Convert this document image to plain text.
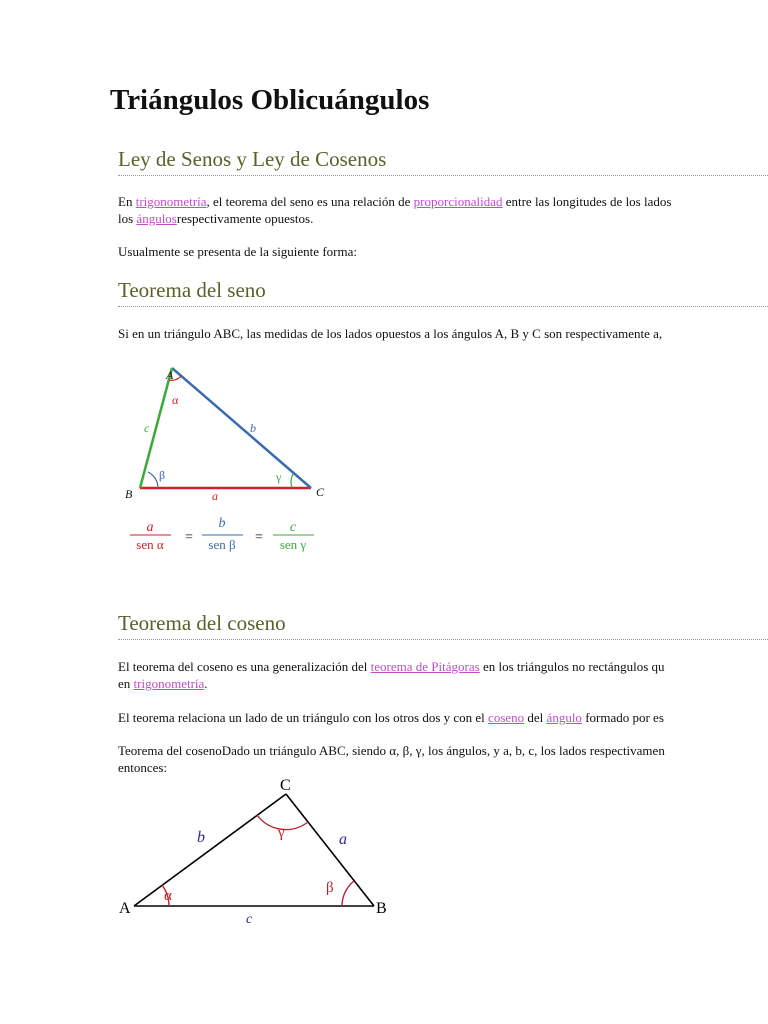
Triángulos Oblicuángulos
Ley de Senos y Ley de Cosenos

En trigonometría, el teorema del seno es una relación de proporcionalidad entre las longitudes de los lados

los ángulosrespectivamente opuestos.

Usualmente se presenta de la siguiente forma:

Teorema del seno

Si en un triángulo ABC, las medidas de los lados opuestos a los ángulos A, B y C son respectivamente a,

A
B	C
a
b
c
α
β	γ
a
sen α =
b
sen β =
c
sen γ
Teorema del coseno

El teorema del coseno es una generalización del teorema de Pitágoras en los triángulos no rectángulos qu

en trigonometría.

El teorema relaciona un lado de un triángulo con los otros dos y con el coseno del ángulo formado por es

Teorema del cosenoDado un triángulo ABC, siendo α, β, γ, los ángulos, y a, b, c, los lados respectivamen

entonces:

A	B
C
a
b
c
α	β
γ
